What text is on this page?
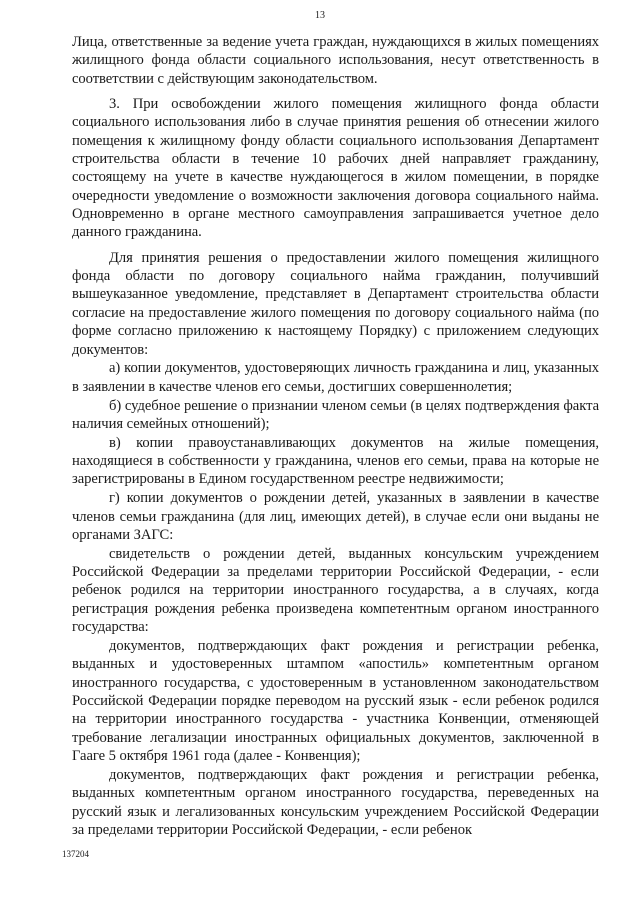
13

Лица, ответственные за ведение учета граждан, нуждающихся в жилых помещениях жилищного фонда области социального использования, несут ответственность в соответствии с действующим законодательством.

3. При освобождении жилого помещения жилищного фонда области социального использования либо в случае принятия решения об отнесении жилого помещения к жилищному фонду области социального использования Департамент строительства области в течение 10 рабочих дней направляет гражданину, состоящему на учете в качестве нуждающегося в жилом помещении, в порядке очередности уведомление о возможности заключения договора социального найма. Одновременно в органе местного самоуправления запрашивается учетное дело данного гражданина.

Для принятия решения о предоставлении жилого помещения жилищного фонда области по договору социального найма гражданин, получивший вышеуказанное уведомление, представляет в Департамент строительства области согласие на предоставление жилого помещения по договору социального найма (по форме согласно приложению к настоящему Порядку) с приложением следующих документов:

а) копии документов, удостоверяющих личность гражданина и лиц, указанных в заявлении в качестве членов его семьи, достигших совершеннолетия;

б) судебное решение о признании членом семьи (в целях подтверждения факта наличия семейных отношений);

в) копии правоустанавливающих документов на жилые помещения, находящиеся в собственности у гражданина, членов его семьи, права на которые не зарегистрированы в Едином государственном реестре недвижимости;

г) копии документов о рождении детей, указанных в заявлении в качестве членов семьи гражданина (для лиц, имеющих детей), в случае если они выданы не органами ЗАГС:

свидетельств о рождении детей, выданных консульским учреждением Российской Федерации за пределами территории Российской Федерации, - если ребенок родился на территории иностранного государства, а в случаях, когда регистрация рождения ребенка произведена компетентным органом иностранного государства:

документов, подтверждающих факт рождения и регистрации ребенка, выданных и удостоверенных штампом «апостиль» компетентным органом иностранного государства, с удостоверенным в установленном законодательством Российской Федерации порядке переводом на русский язык - если ребенок родился на территории иностранного государства - участника Конвенции, отменяющей требование легализации иностранных официальных документов, заключенной в Гааге 5 октября 1961 года (далее - Конвенция);

документов, подтверждающих факт рождения и регистрации ребенка, выданных компетентным органом иностранного государства, переведенных на русский язык и легализованных консульским учреждением Российской Федерации за пределами территории Российской Федерации, - если ребенок

137204
